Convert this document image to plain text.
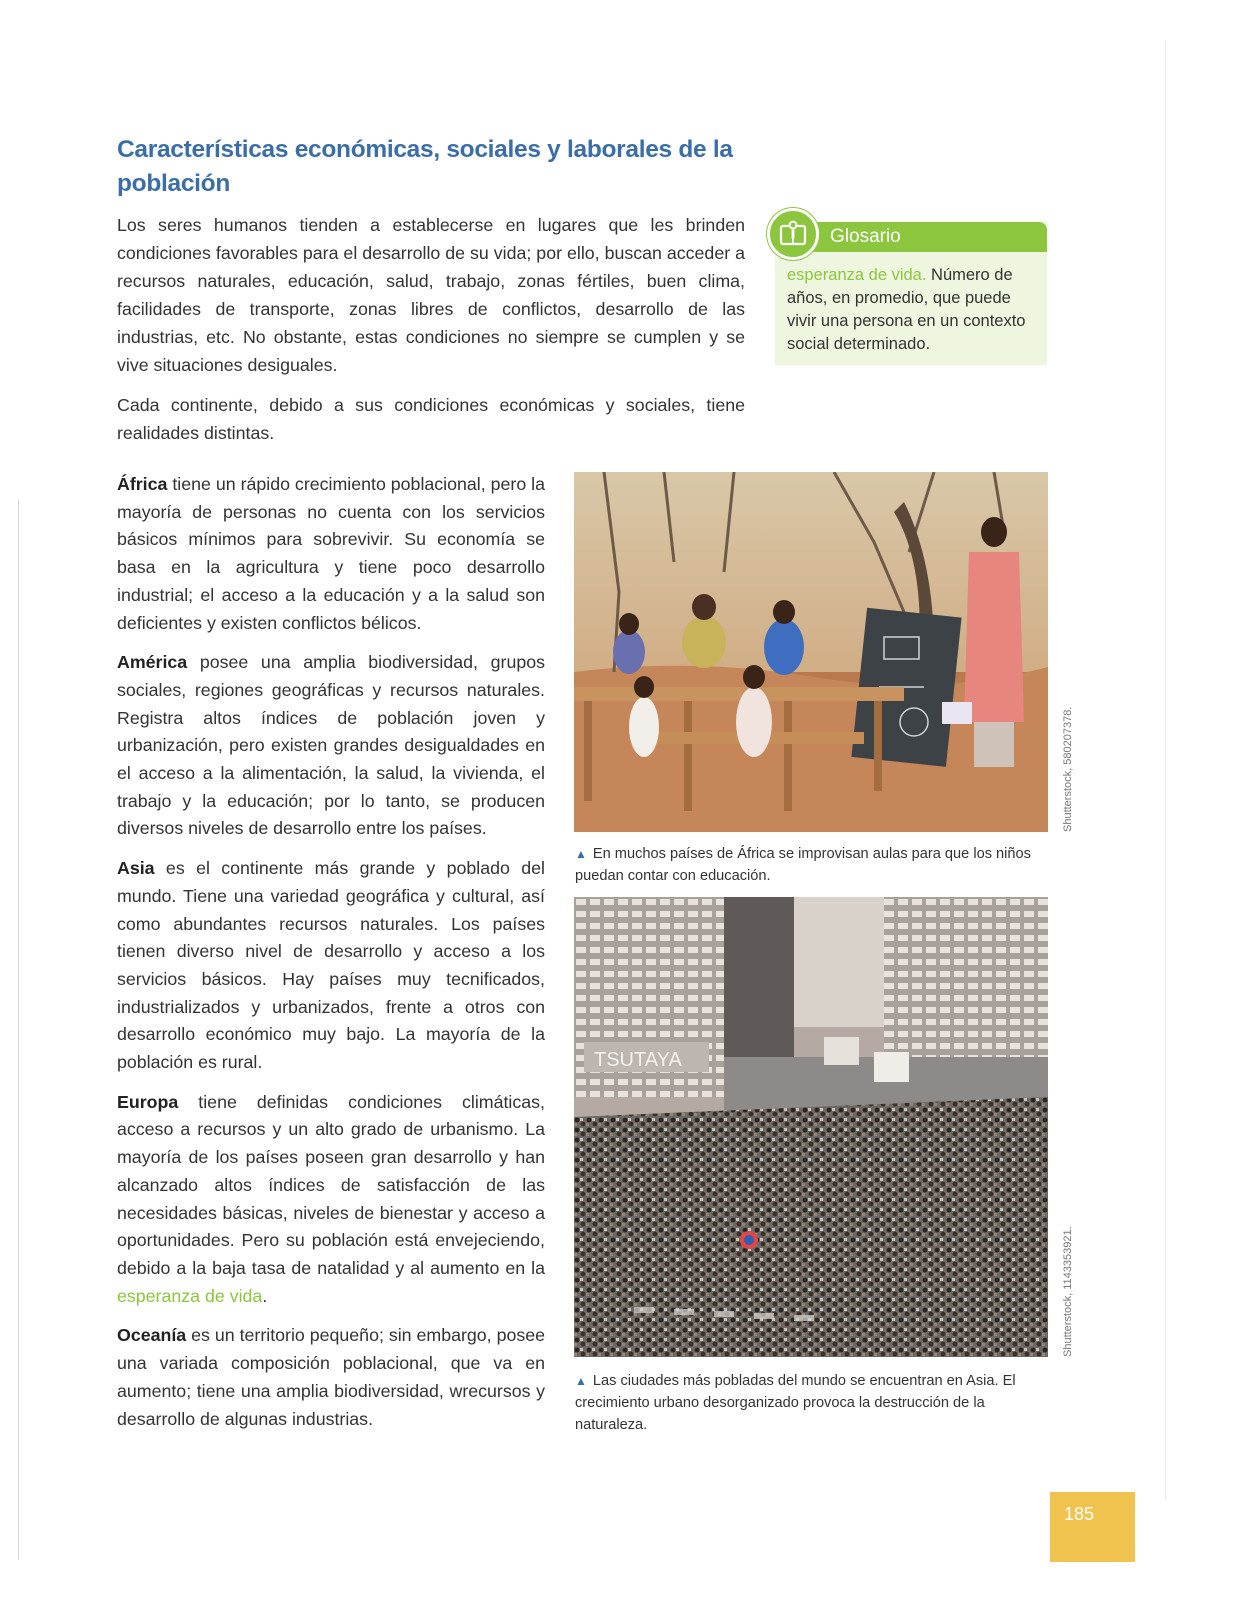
Características económicas, sociales y laborales de la población

Los seres humanos tienden a establecerse en lugares que les brinden condiciones favorables para el desarrollo de su vida; por ello, buscan acceder a recursos naturales, educación, salud, trabajo, zonas fértiles, buen clima, facilidades de transporte, zonas libres de conflictos, desarrollo de las industrias, etc. No obstante, estas condiciones no siempre se cumplen y se vive situaciones desiguales.

Cada continente, debido a sus condiciones económicas y sociales, tiene realidades distintas.

Glosario
esperanza de vida. Número de años, en promedio, que puede vivir una persona en un contexto social determinado.

África tiene un rápido crecimiento poblacional, pero la mayoría de personas no cuenta con los servicios básicos mínimos para sobrevivir. Su economía se basa en la agricultura y tiene poco desarrollo industrial; el acceso a la educación y a la salud son deficientes y existen conflictos bélicos.

América posee una amplia biodiversidad, grupos sociales, regiones geográficas y recursos naturales. Registra altos índices de población joven y urbanización, pero existen grandes desigualdades en el acceso a la alimentación, la salud, la vivienda, el trabajo y la educación; por lo tanto, se producen diversos niveles de desarrollo entre los países.

Asia es el continente más grande y poblado del mundo. Tiene una variedad geográfica y cultural, así como abundantes recursos naturales. Los países tienen diverso nivel de desarrollo y acceso a los servicios básicos. Hay países muy tecnificados, industrializados y urbanizados, frente a otros con desarrollo económico muy bajo. La mayoría de la población es rural.

Europa tiene definidas condiciones climáticas, acceso a recursos y un alto grado de urbanismo. La mayoría de los países poseen gran desarrollo y han alcanzado altos índices de satisfacción de las necesidades básicas, niveles de bienestar y acceso a oportunidades. Pero su población está envejeciendo, debido a la baja tasa de natalidad y al aumento en la esperanza de vida.

Oceanía es un territorio pequeño; sin embargo, posee una variada composición poblacional, que va en aumento; tiene una amplia biodiversidad, wrecursos y desarrollo de algunas industrias.

Shutterstock, 580207378.
▲ En muchos países de África se improvisan aulas para que los niños puedan contar con educación.
TSUTAYA
Shutterstock, 1143353921.
▲ Las ciudades más pobladas del mundo se encuentran en Asia. El crecimiento urbano desorganizado provoca la destrucción de la naturaleza.
185
